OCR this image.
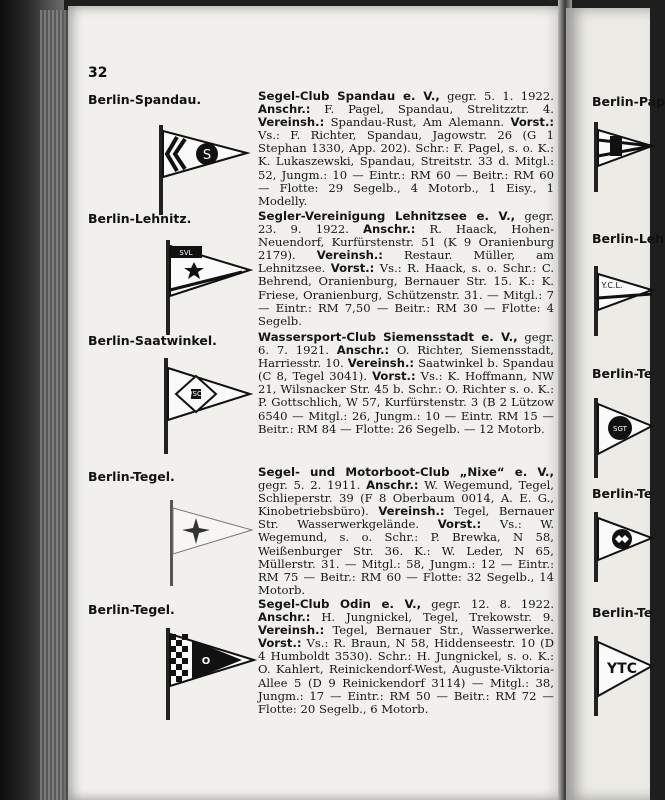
32
Berlin-Spandau.	Segel-Club Spandau e. V., gegr. 5. 1. 1922. Anschr.: F. Pagel, Spandau, Strelitzztr. 4. Vereinsh.: Spandau-Rust, Am Alemann. Vorst.: Vs.: F. Richter, Spandau, Jagowstr. 26 (G 1 Stephan 1330, App. 202). Schr.: F. Pagel, s. o. K.: K. Lukaszewski, Spandau, Streitstr. 33 d. Mitgl.: 52, Jungm.: 10 — Eintr.: RM 60 — Beitr.: RM 60 — Flotte: 29 Segelb., 4 Motorb., 1 Eisy., 1 Modelly.
S
Berlin-Lehnitz.	Segler-Vereinigung Lehnitzsee e. V., gegr. 23. 9. 1922. Anschr.: R. Haack, Hohen-Neuendorf, Kurfürstenstr. 51 (K 9 Oranienburg 2179). Vereinsh.: Restaur. Müller, am Lehnitzsee. Vorst.: Vs.: R. Haack, s. o. Schr.: C. Behrend, Oranienburg, Bernauer Str. 15. K.: K. Friese, Oranienburg, Schützenstr. 31. — Mitgl.: 7 — Eintr.: RM 7,50 — Beitr.: RM 30 — Flotte: 4 Segelb.
SVL
Berlin-Saatwinkel.	Wassersport-Club Siemensstadt e. V., gegr. 6. 7. 1921. Anschr.: O. Richter, Siemensstadt, Harriesstr. 10. Vereinsh.: Saatwinkel b. Spandau (C 8, Tegel 3041). Vorst.: Vs.: K. Hoffmann, NW 21, Wilsnacker Str. 45 b. Schr.: O. Richter s. o. K.: P. Gottschlich, W 57, Kurfürstenstr. 3 (B 2 Lützow 6540 — Mitgl.: 26, Jungm.: 10 — Eintr. RM 15 — Beitr.: RM 84 — Flotte: 26 Segelb. — 12 Motorb.
WSCS
Berlin-Tegel.	Segel- und Motorboot-Club „Nixe“ e. V., gegr. 5. 2. 1911. Anschr.: W. Wegemund, Tegel, Schlieperstr. 39 (F 8 Oberbaum 0014, A. E. G., Kinobetriebsbüro). Vereinsh.: Tegel, Bernauer Str. Wasserwerkgelände. Vorst.: Vs.: W. Wegemund, s. o. Schr.: P. Brewka, N 58, Weißenburger Str. 36. K.: W. Leder, N 65, Müllerstr. 31. — Mitgl.: 58, Jungm.: 12 — Eintr.: RM 75 — Beitr.: RM 60 — Flotte: 32 Segelb., 14 Motorb.
Berlin-Tegel.	Segel-Club Odin e. V., gegr. 12. 8. 1922. Anschr.: H. Jungnickel, Tegel, Trekowstr. 9. Vereinsh.: Tegel, Bernauer Str., Wasserwerke. Vorst.: Vs.: R. Braun, N 58, Hiddenseestr. 10 (D 4 Humboldt 3530). Schr.: H. Jungnickel, s. o. K.: O. Kahlert, Reinickendorf-West, Auguste-Viktoria-Allee 5 (D 9 Reinickendorf 3114) — Mitgl.: 38, Jungm.: 17 — Eintr.: RM 50 — Beitr.: RM 72 — Flotte: 20 Segelb., 6 Motorb.
O
Berlin-Pap
Berlin-Leh
Y.C.L.
Berlin-Te
SGT
Berlin-Te
Berlin-Te
YTC
